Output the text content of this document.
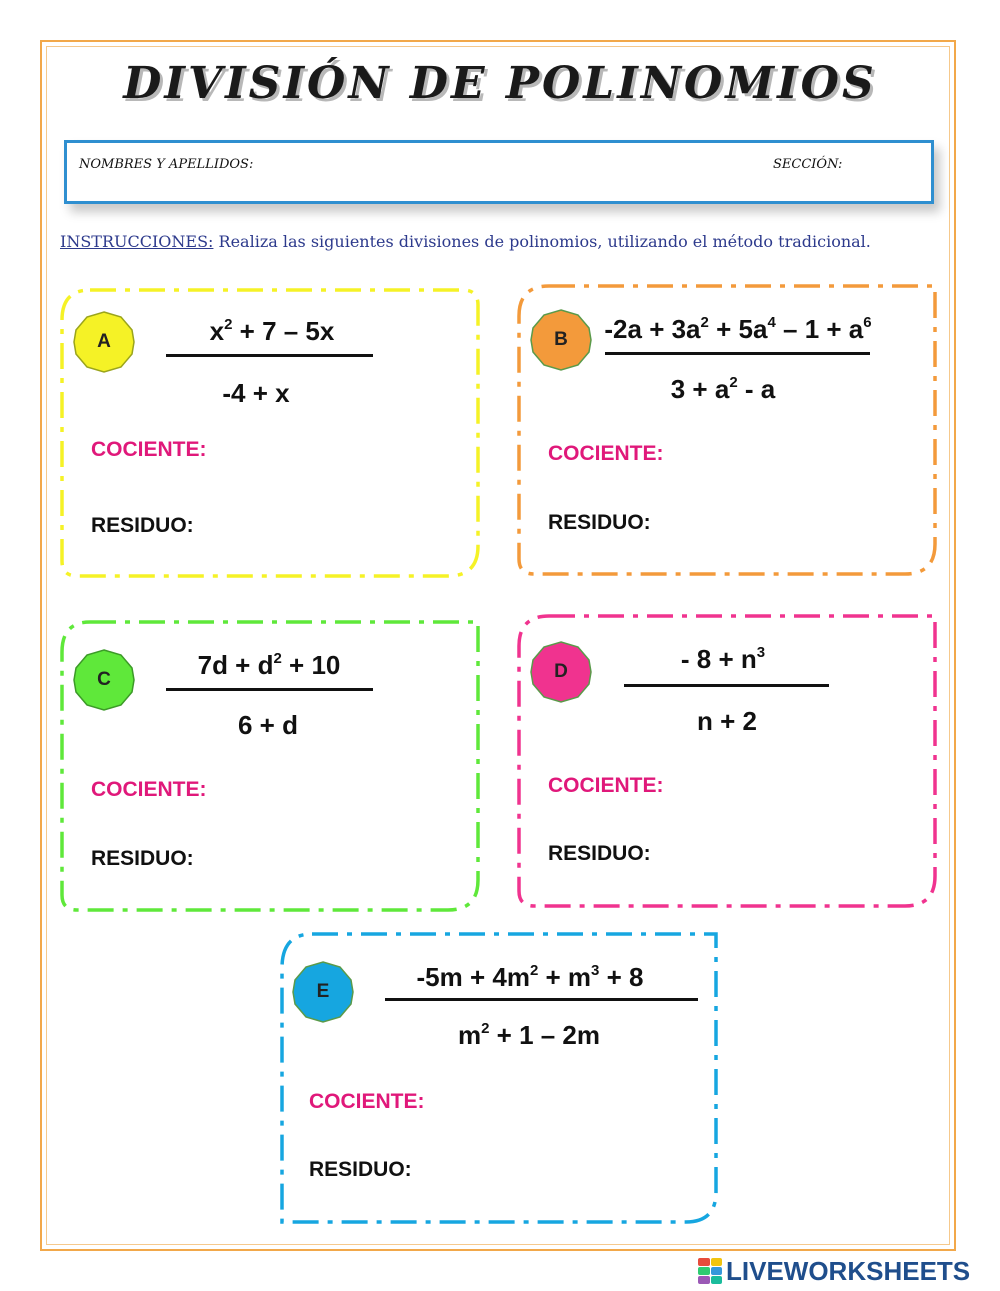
DIVISIÓN DE POLINOMIOS
NOMBRES Y APELLIDOS:	SECCIÓN:
INSTRUCCIONES: Realiza las siguientes divisiones de polinomios, utilizando el método tradicional.
A	$x^2 + 7 - 5x$
-4 + x
COCIENTE:
RESIDUO:
B	$-2a + 3a^2 + 5a^4 - 1 + a^6$
$3 + a^2 - a$
COCIENTE:
RESIDUO:
C	$7d + d^2 + 10$
6 + d
COCIENTE:
RESIDUO:
D	- $8 + n^3$
n + 2
COCIENTE:
RESIDUO:
E	$-5m + 4m^2 + m^3 + 8$
$m^2 + 1 - 2m$
COCIENTE:
RESIDUO:
LIVEWORKSHEETS
